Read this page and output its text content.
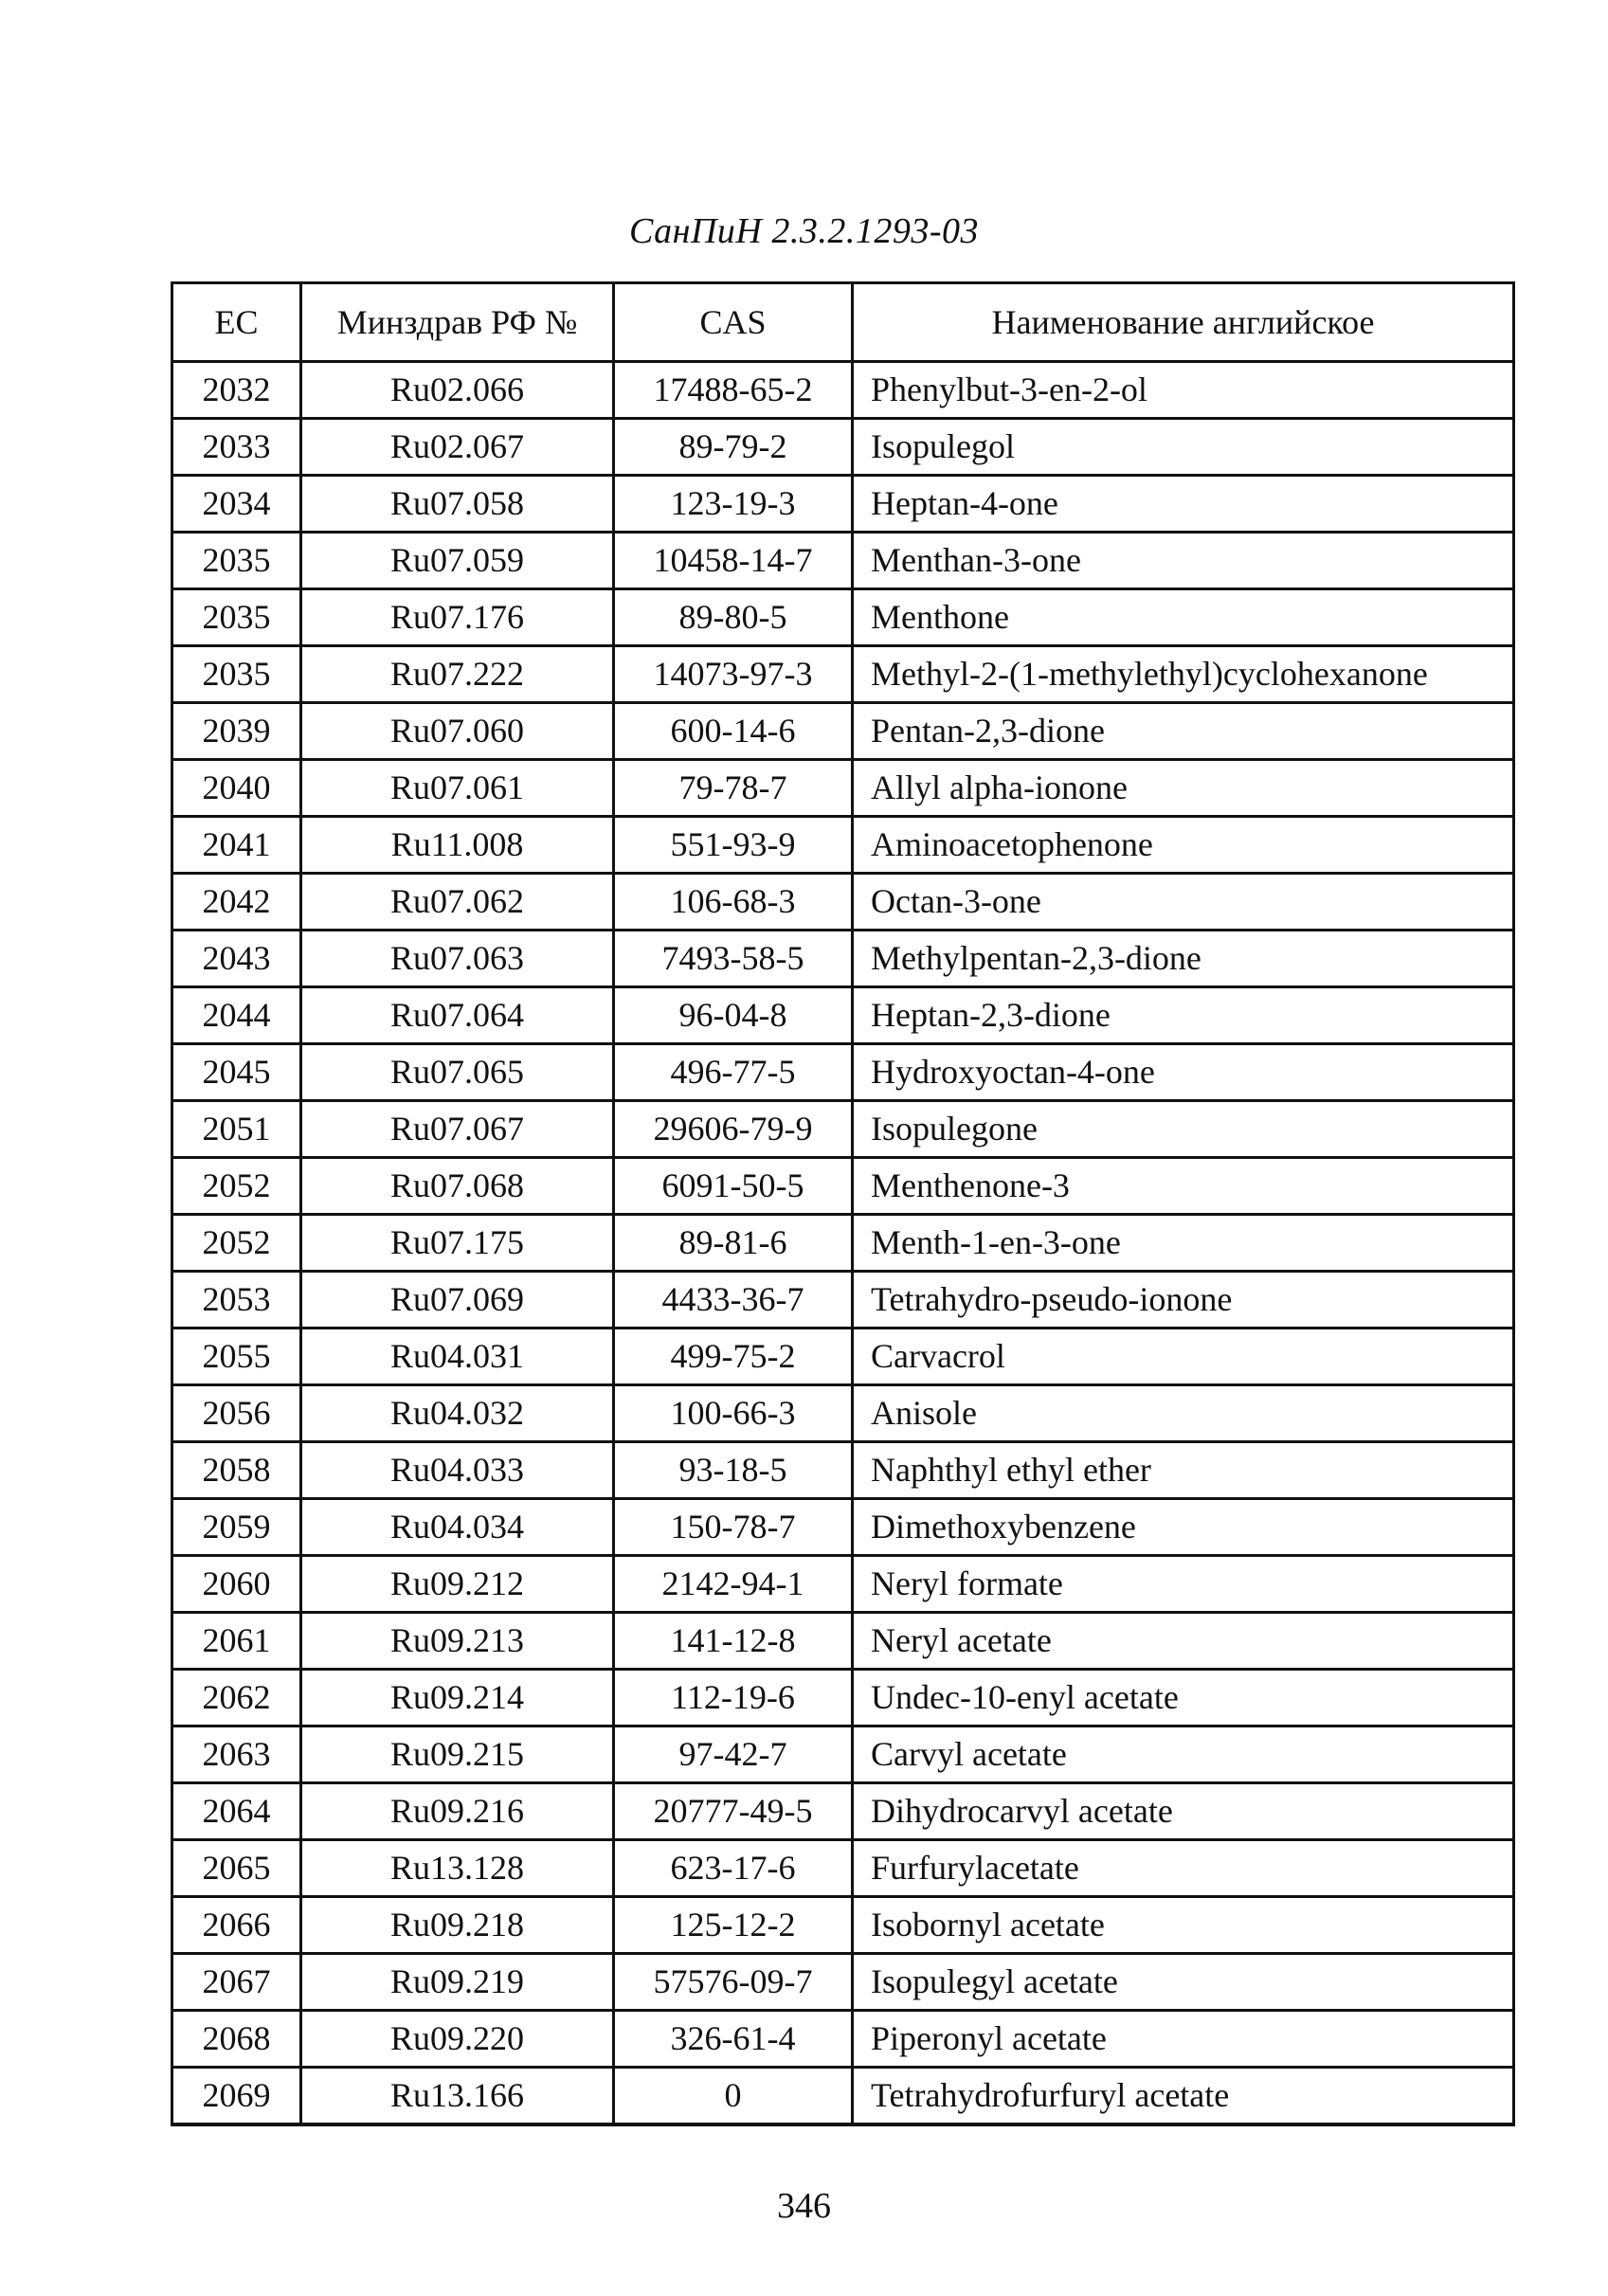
СанПиН 2.3.2.1293-03
EC	Минздрав РФ №	CAS	Наименование английское
2032	Ru02.066	17488-65-2	Phenylbut-3-en-2-ol
2033	Ru02.067	89-79-2	Isopulegol
2034	Ru07.058	123-19-3	Heptan-4-one
2035	Ru07.059	10458-14-7	Menthan-3-one
2035	Ru07.176	89-80-5	Menthone
2035	Ru07.222	14073-97-3	Methyl-2-(1-methylethyl)cyclohexanone
2039	Ru07.060	600-14-6	Pentan-2,3-dione
2040	Ru07.061	79-78-7	Allyl alpha-ionone
2041	Ru11.008	551-93-9	Aminoacetophenone
2042	Ru07.062	106-68-3	Octan-3-one
2043	Ru07.063	7493-58-5	Methylpentan-2,3-dione
2044	Ru07.064	96-04-8	Heptan-2,3-dione
2045	Ru07.065	496-77-5	Hydroxyoctan-4-one
2051	Ru07.067	29606-79-9	Isopulegone
2052	Ru07.068	6091-50-5	Menthenone-3
2052	Ru07.175	89-81-6	Menth-1-en-3-one
2053	Ru07.069	4433-36-7	Tetrahydro-pseudo-ionone
2055	Ru04.031	499-75-2	Carvacrol
2056	Ru04.032	100-66-3	Anisole
2058	Ru04.033	93-18-5	Naphthyl ethyl ether
2059	Ru04.034	150-78-7	Dimethoxybenzene
2060	Ru09.212	2142-94-1	Neryl formate
2061	Ru09.213	141-12-8	Neryl acetate
2062	Ru09.214	112-19-6	Undec-10-enyl acetate
2063	Ru09.215	97-42-7	Carvyl acetate
2064	Ru09.216	20777-49-5	Dihydrocarvyl acetate
2065	Ru13.128	623-17-6	Furfurylacetate
2066	Ru09.218	125-12-2	Isobornyl acetate
2067	Ru09.219	57576-09-7	Isopulegyl acetate
2068	Ru09.220	326-61-4	Piperonyl acetate
2069	Ru13.166	0	Tetrahydrofurfuryl acetate
346
